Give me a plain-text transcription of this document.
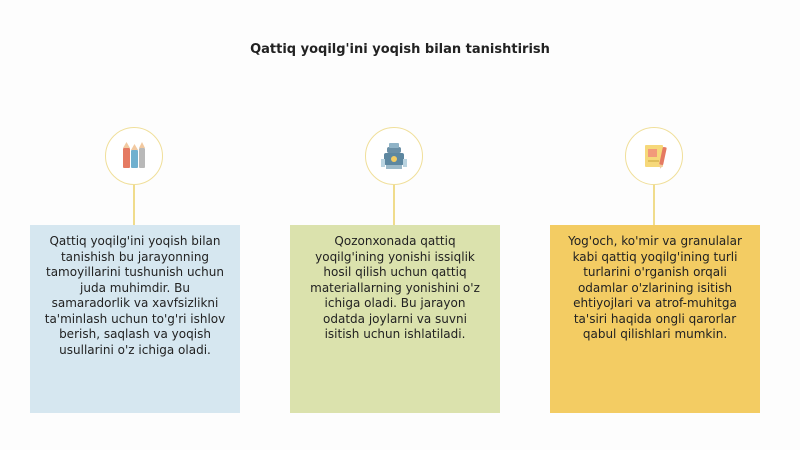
Qattiq yoqilg'ini yoqish bilan tanishtirish
Qattiq yoqilg'ini yoqish bilan tanishish bu jarayonning tamoyillarini tushunish uchun juda muhimdir. Bu samaradorlik va xavfsizlikni ta'minlash uchun to'g'ri ishlov berish, saqlash va yoqish usullarini o'z ichiga oladi.
Qozonxonada qattiq yoqilg'ining yonishi issiqlik hosil qilish uchun qattiq materiallarning yonishini o'z ichiga oladi. Bu jarayon odatda joylarni va suvni isitish uchun ishlatiladi.
Yog'och, ko'mir va granulalar kabi qattiq yoqilg'ining turli turlarini o'rganish orqali odamlar o'zlarining isitish ehtiyojlari va atrof-muhitga ta'siri haqida ongli qarorlar qabul qilishlari mumkin.
